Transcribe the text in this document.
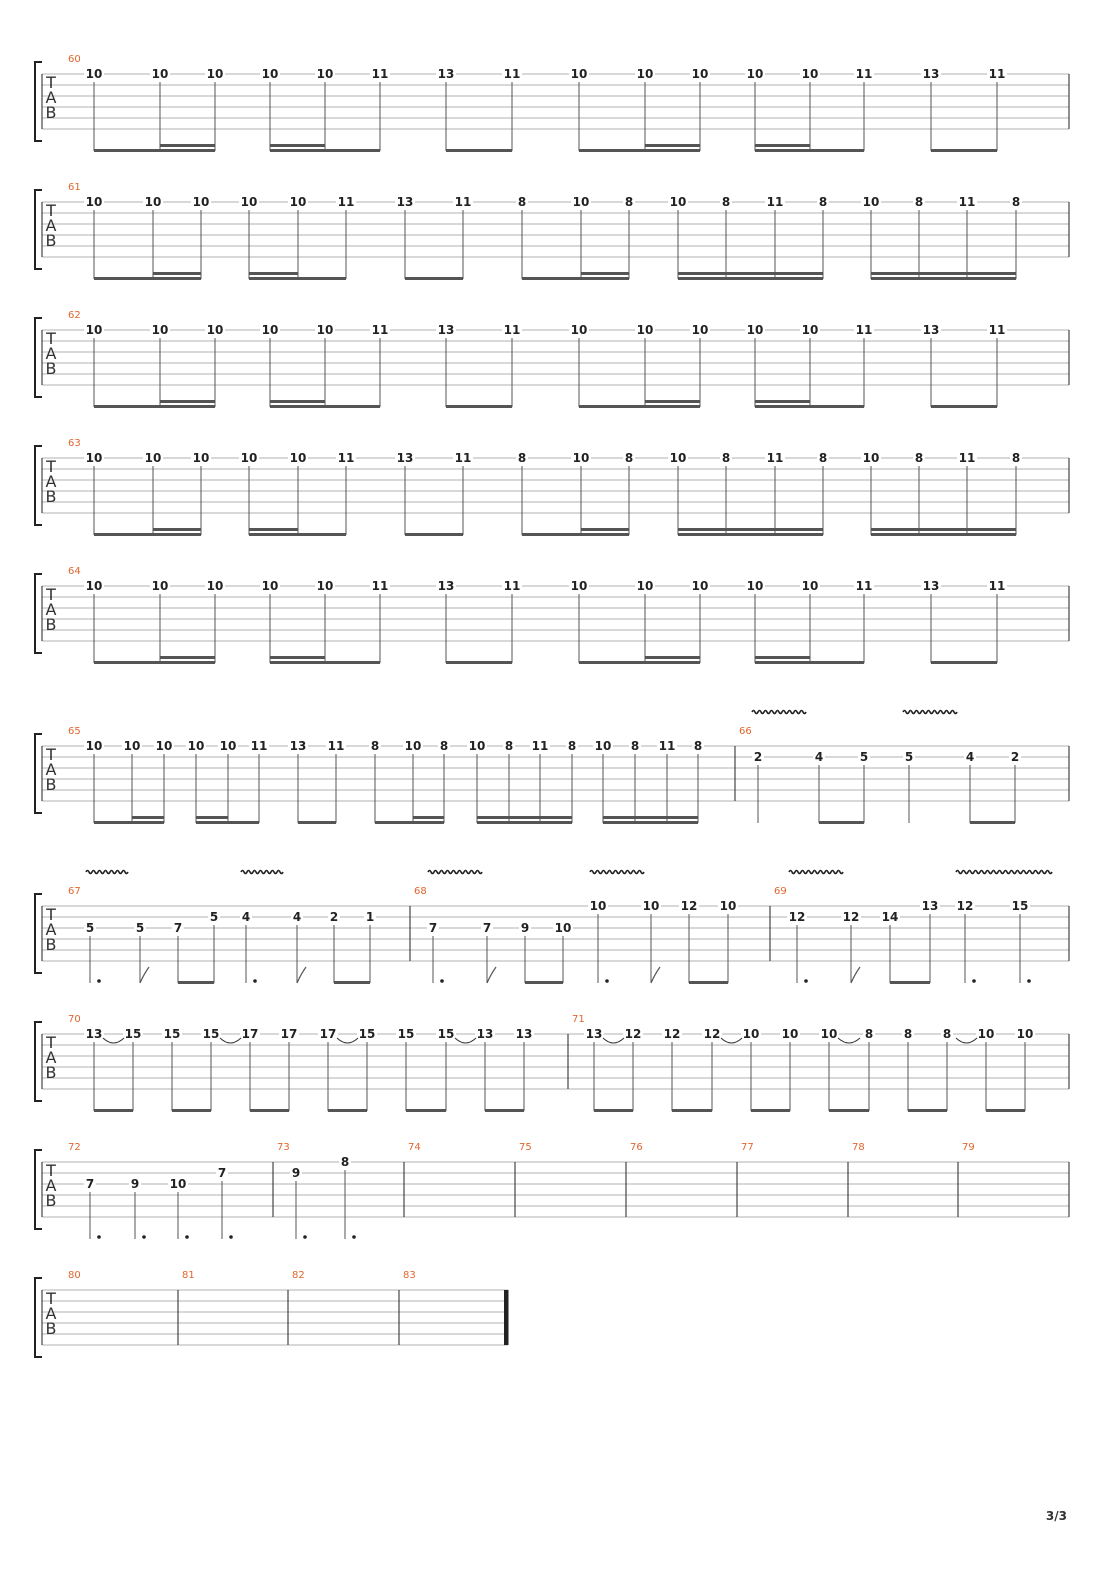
T
A
B
60
10	10	10	10	10	11	13	11	10	10	10	10	10	11	13	11
T
A
B
61
10	10	10	10	10	11	13	11	8	10	8	10	8	11	8	10	8	11	8
T
A
B
62
10	10	10	10	10	11	13	11	10	10	10	10	10	11	13	11
T
A
B
63
10	10	10	10	10	11	13	11	8	10	8	10	8	11	8	10	8	11	8
T
A
B
64
10	10	10	10	10	11	13	11	10	10	10	10	10	11	13	11
T
A
B
65
10 10 10 10 10 11 13 11 8 10 8 10 8 11 8 10 8 11 8
66
2	4	5	5	4	2
T
A
B
67
5	5 7
5 4	4 2 1
68
7	7 9 10
10	10 12 10
69
12	12 14
13 12	15
T
A
B
70
13 15 15 15 17 17 17 15 15 15 13 13
71
13 12 12 12 10 10 10 8	8	8 10 10
T
A
B
72
7	9	10
7
73
9
8
74	75	76	77	78	79
T
A
B
80	81	82	83
3/3
